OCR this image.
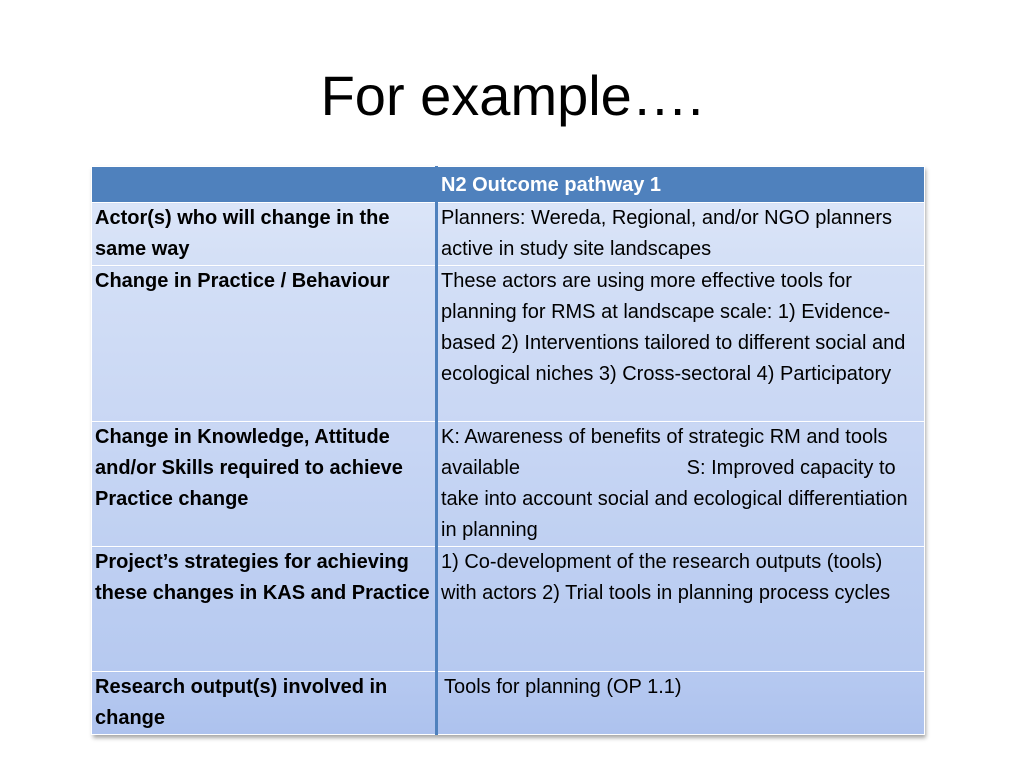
For example….
	N2 Outcome pathway 1
Actor(s) who will change in the same way	Planners: Wereda, Regional, and/or NGO planners active in study site landscapes
Change in Practice / Behaviour	These actors are using more effective tools for planning for RMS at landscape scale: 1) Evidence-based 2) Interventions tailored to different social and ecological niches 3) Cross-sectoral 4) Participatory
Change in Knowledge, Attitude and/or Skills required to achieve Practice change	K: Awareness of benefits of strategic RM and tools available                              S: Improved capacity to take into account social and ecological differentiation in planning
Project’s strategies for achieving these changes in KAS and Practice	1) Co-development of the research outputs (tools) with actors 2) Trial tools in planning process cycles
Research output(s) involved in change	Tools for planning (OP 1.1)
